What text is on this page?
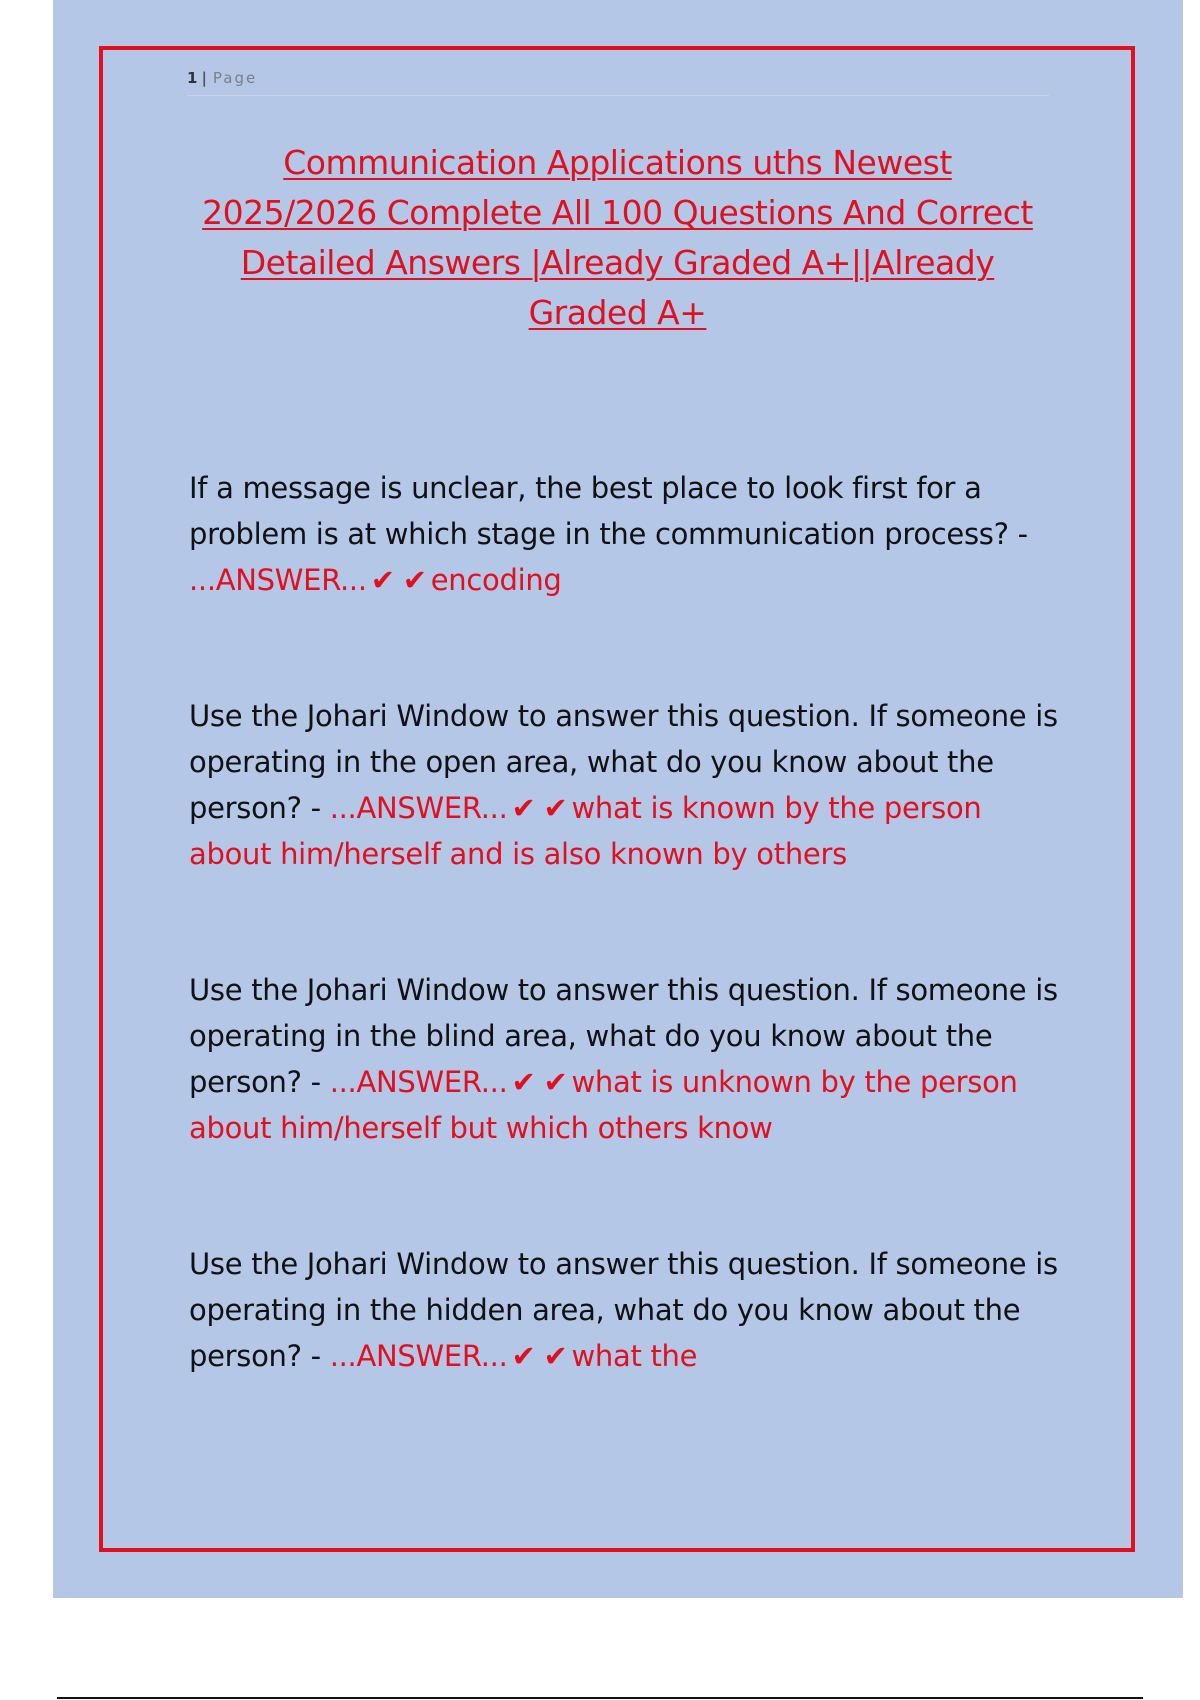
1 | Page
Communication Applications uths Newest 2025/2026 Complete All 100 Questions And Correct Detailed Answers |Already Graded A+||Already Graded A+
If a message is unclear, the best place to look first for a problem is at which stage in the communication process? - ...ANSWER... ✔ ✔ encoding
Use the Johari Window to answer this question. If someone is operating in the open area, what do you know about the person? - ...ANSWER... ✔ ✔ what is known by the person about him/herself and is also known by others
Use the Johari Window to answer this question. If someone is operating in the blind area, what do you know about the person? - ...ANSWER... ✔ ✔ what is unknown by the person about him/herself but which others know
Use the Johari Window to answer this question. If someone is operating in the hidden area, what do you know about the person? - ...ANSWER... ✔ ✔ what the
